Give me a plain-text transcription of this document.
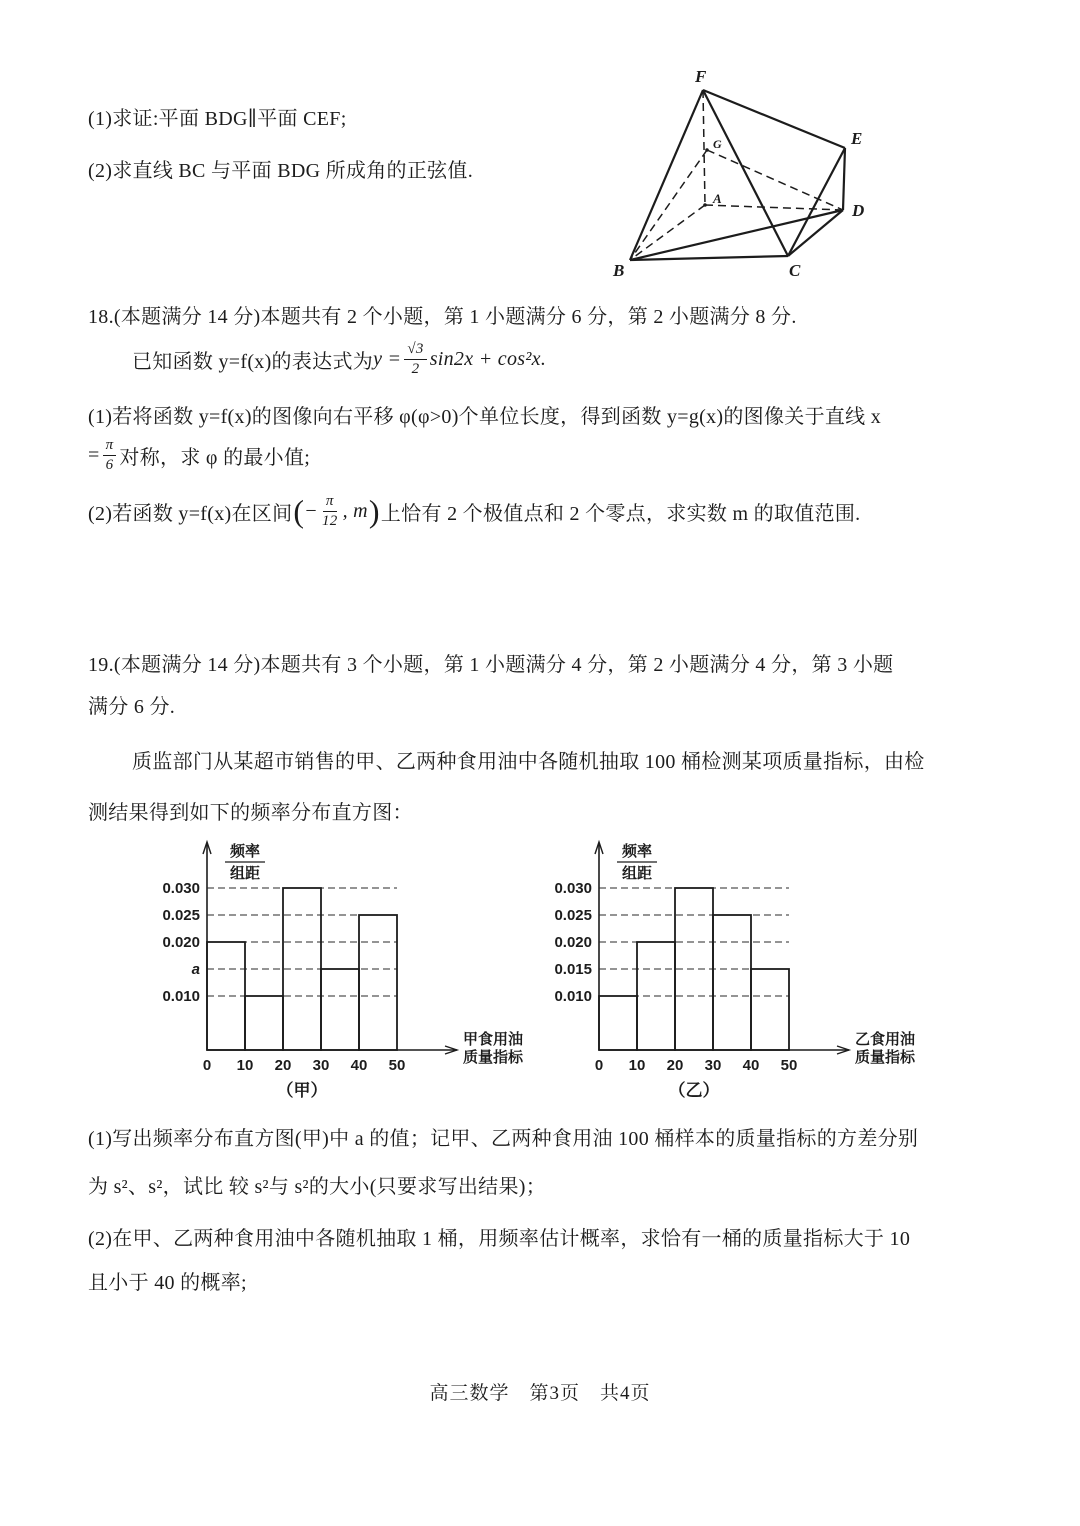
(1)求证:平面 BDG∥平面 CEF;
(2)求直线 BC 与平面 BDG 所成角的正弦值.
F
E
D
C
B
A
G
18.(本题满分 14 分)本题共有 2 个小题，第 1 小题满分 6 分，第 2 小题满分 8 分.
已知函数 y=f(x)的表达式为 $y = \frac{√3}{2} \sin 2x + \cos^2x$.
(1)若将函数 y=f(x)的图像向右平移 φ(φ>0)个单位长度，得到函数 y=g(x)的图像关于直线 x
= $\frac{\pi}{6}$ 对称，求 φ 的最小值;
(2)若函数 y=f(x)在区间 ( − $\frac{\pi}{12}$ , m ) 上恰有 2 个极值点和 2 个零点，求实数 m 的取值范围.
19.(本题满分 14 分)本题共有 3 个小题，第 1 小题满分 4 分，第 2 小题满分 4 分，第 3 小题
满分 6 分.
质监部门从某超市销售的甲、乙两种食用油中各随机抽取 100 桶检测某项质量指标，由检
测结果得到如下的频率分布直方图：
频率
组距
0.010
a
0.020
0.025
0.030
0 10 20 30 40 50
甲食用油
质量指标
（甲）
频率
组距
0.010
0.015
0.020
0.025
0.030
0 10 20 30 40 50
乙食用油
质量指标
（乙）
(1)写出频率分布直方图(甲)中 a 的值；记甲、乙两种食用油 100 桶样本的质量指标的方差分别
为 s²、s²，试比 较 s²与 s²的大小(只要求写出结果)；
(2)在甲、乙两种食用油中各随机抽取 1 桶，用频率估计概率，求恰有一桶的质量指标大于 10
且小于 40 的概率;
高三数学　第3页　共4页
